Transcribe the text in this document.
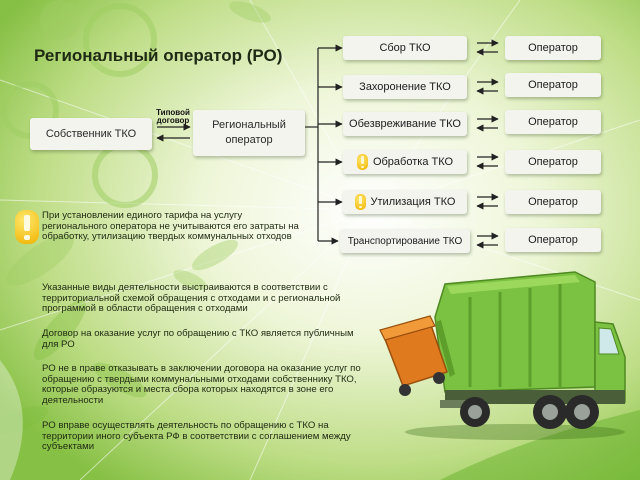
Региональный оператор (РО)
Собственник ТКО
Типовой договор	Региональный оператор
Сбор ТКО
Захоронение ТКО
Обезвреживание ТКО
Обработка ТКО
Утилизация ТКО
Транспортирование ТКО
Оператор
Оператор
Оператор
Оператор
Оператор
Оператор
При установлении единого тарифа на услугу регионального оператора не учитываются его затраты на обработку, утилизацию твердых коммунальных отходов
Указанные виды деятельности выстраиваются в соответствии с территориальной схемой обращения с отходами и с региональной программой в области обращения с отходами
Договор на оказание услуг по обращению с ТКО является публичным для РО
РО не в праве отказывать в заключении договора на оказание услуг по обращению с твердыми коммунальными отходами собственнику ТКО, которые образуются и места сбора которых находятся в зоне его деятельности
РО вправе осуществлять деятельность по обращению с ТКО на территории иного субъекта РФ в соответствии с соглашением между субъектами
